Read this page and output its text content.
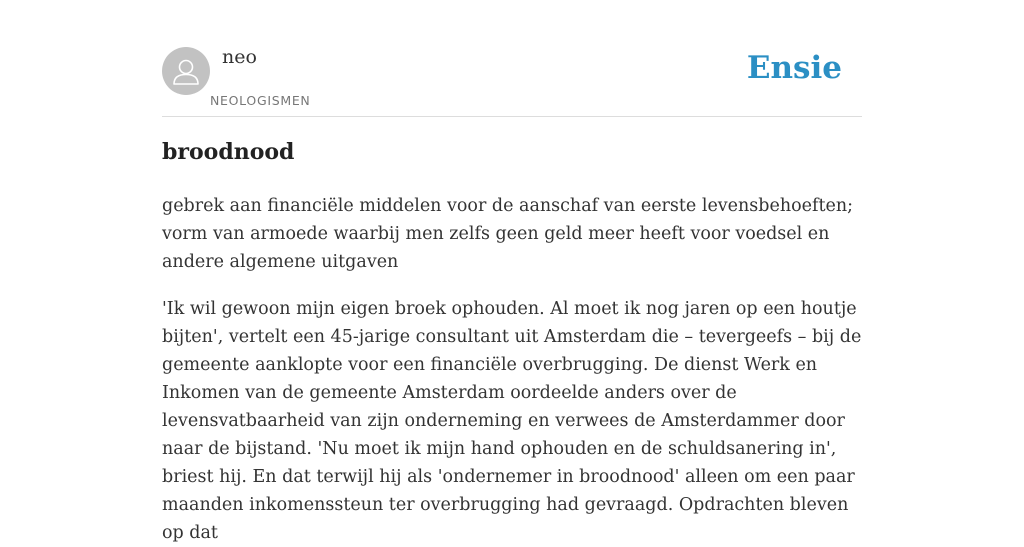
neo
NEOLOGISMEN
Ensie
broodnood

gebrek aan financiële middelen voor de aanschaf van eerste levensbehoeften; vorm van armoede waarbij men zelfs geen geld meer heeft voor voedsel en andere algemene uitgaven

'Ik wil gewoon mijn eigen broek ophouden. Al moet ik nog jaren op een houtje bijten', vertelt een 45-jarige consultant uit Amsterdam die – tevergeefs – bij de gemeente aanklopte voor een financiële overbrugging. De dienst Werk en Inkomen van de gemeente Amsterdam oordeelde anders over de levensvatbaarheid van zijn onderneming en verwees de Amsterdammer door naar de bijstand. 'Nu moet ik mijn hand ophouden en de schuldsanering in', briest hij. En dat terwijl hij als 'ondernemer in broodnood' alleen om een paar maanden inkomenssteun ter overbrugging had gevraagd. Opdrachten bleven op dat
